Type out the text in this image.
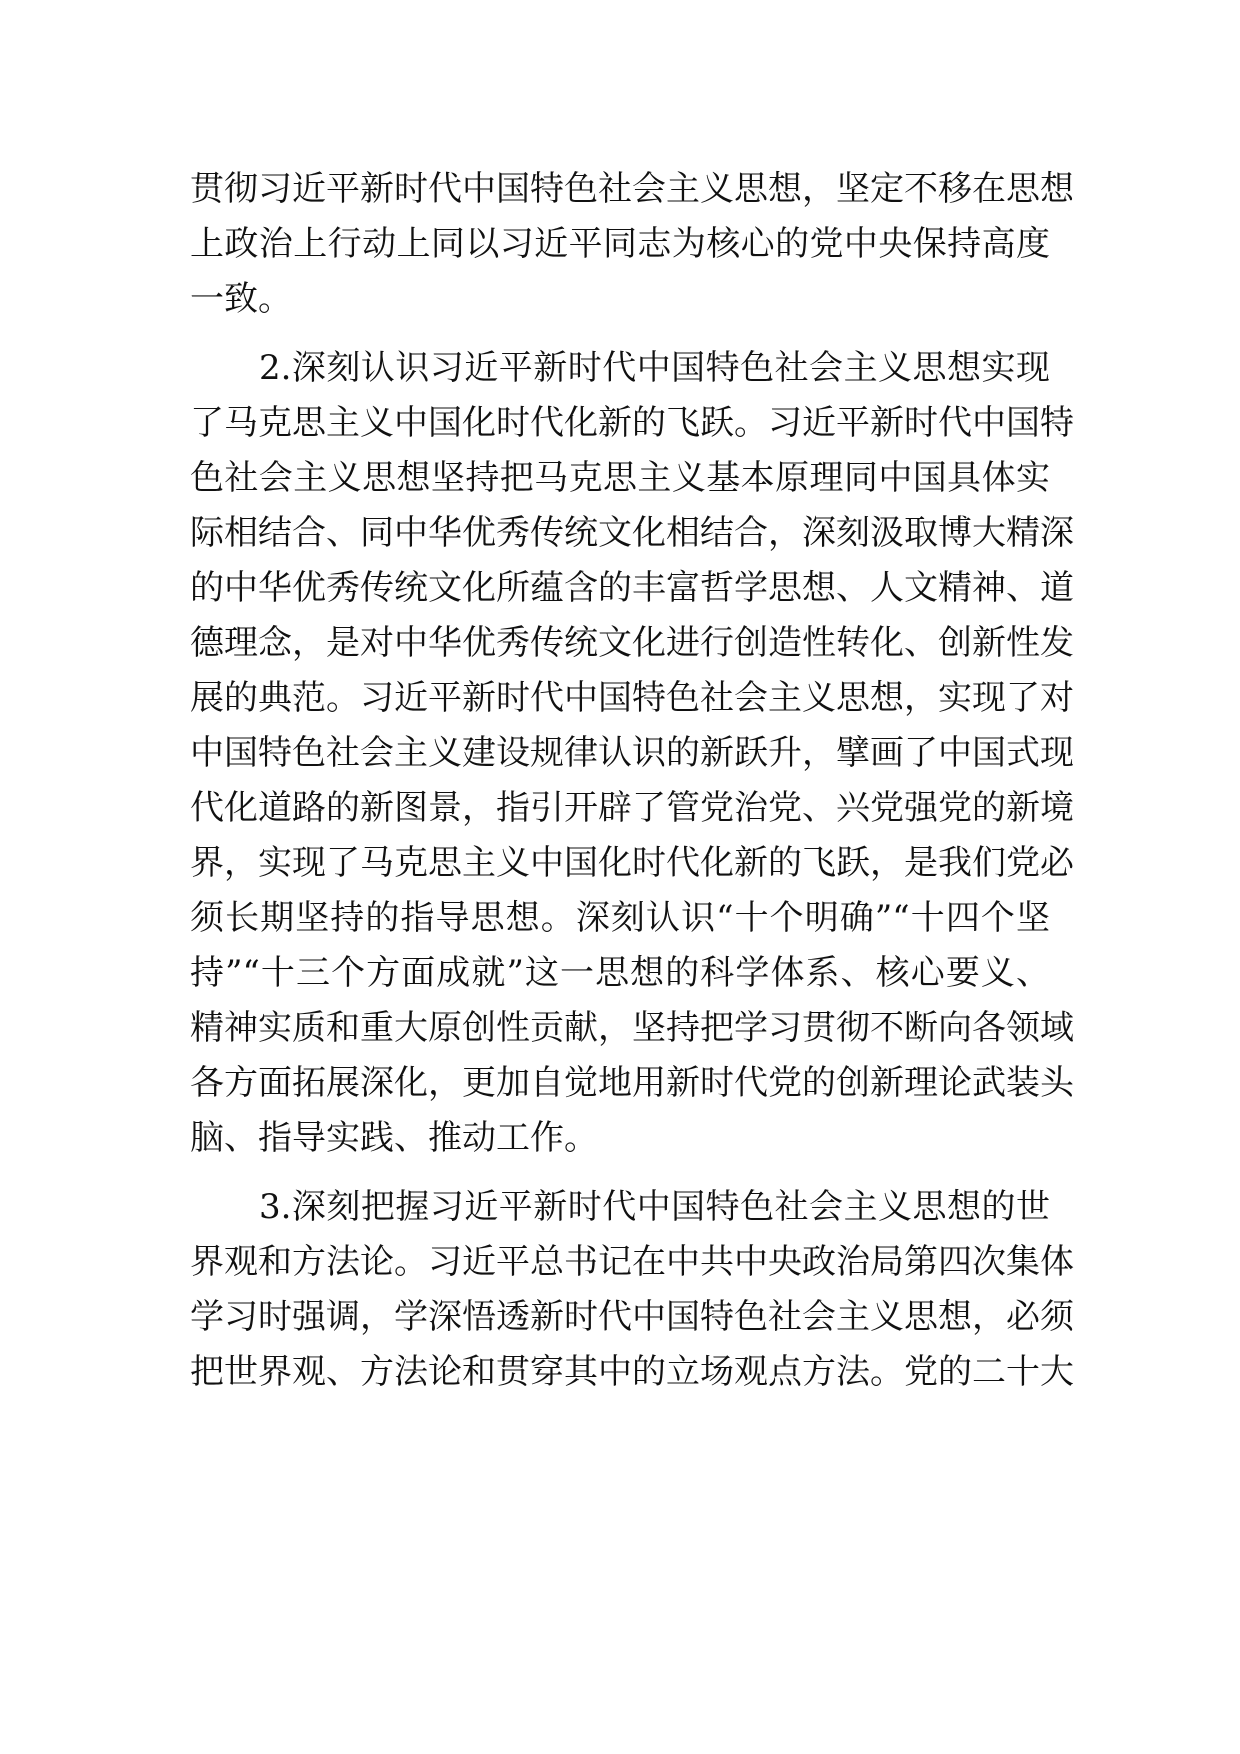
贯彻习近平新时代中国特色社会主义思想，坚定不移在思想
上政治上行动上同以习近平同志为核心的党中央保持高度
一致。
　　2.深刻认识习近平新时代中国特色社会主义思想实现
了马克思主义中国化时代化新的飞跃。习近平新时代中国特
色社会主义思想坚持把马克思主义基本原理同中国具体实
际相结合、同中华优秀传统文化相结合，深刻汲取博大精深
的中华优秀传统文化所蕴含的丰富哲学思想、人文精神、道
德理念，是对中华优秀传统文化进行创造性转化、创新性发
展的典范。习近平新时代中国特色社会主义思想，实现了对
中国特色社会主义建设规律认识的新跃升，擘画了中国式现
代化道路的新图景，指引开辟了管党治党、兴党强党的新境
界，实现了马克思主义中国化时代化新的飞跃，是我们党必
须长期坚持的指导思想。深刻认识“十个明确”“十四个坚
持”“十三个方面成就”这一思想的科学体系、核心要义、
精神实质和重大原创性贡献，坚持把学习贯彻不断向各领域
各方面拓展深化，更加自觉地用新时代党的创新理论武装头
脑、指导实践、推动工作。
　　3.深刻把握习近平新时代中国特色社会主义思想的世
界观和方法论。习近平总书记在中共中央政治局第四次集体
学习时强调，学深悟透新时代中国特色社会主义思想，必须
把世界观、方法论和贯穿其中的立场观点方法。党的二十大
